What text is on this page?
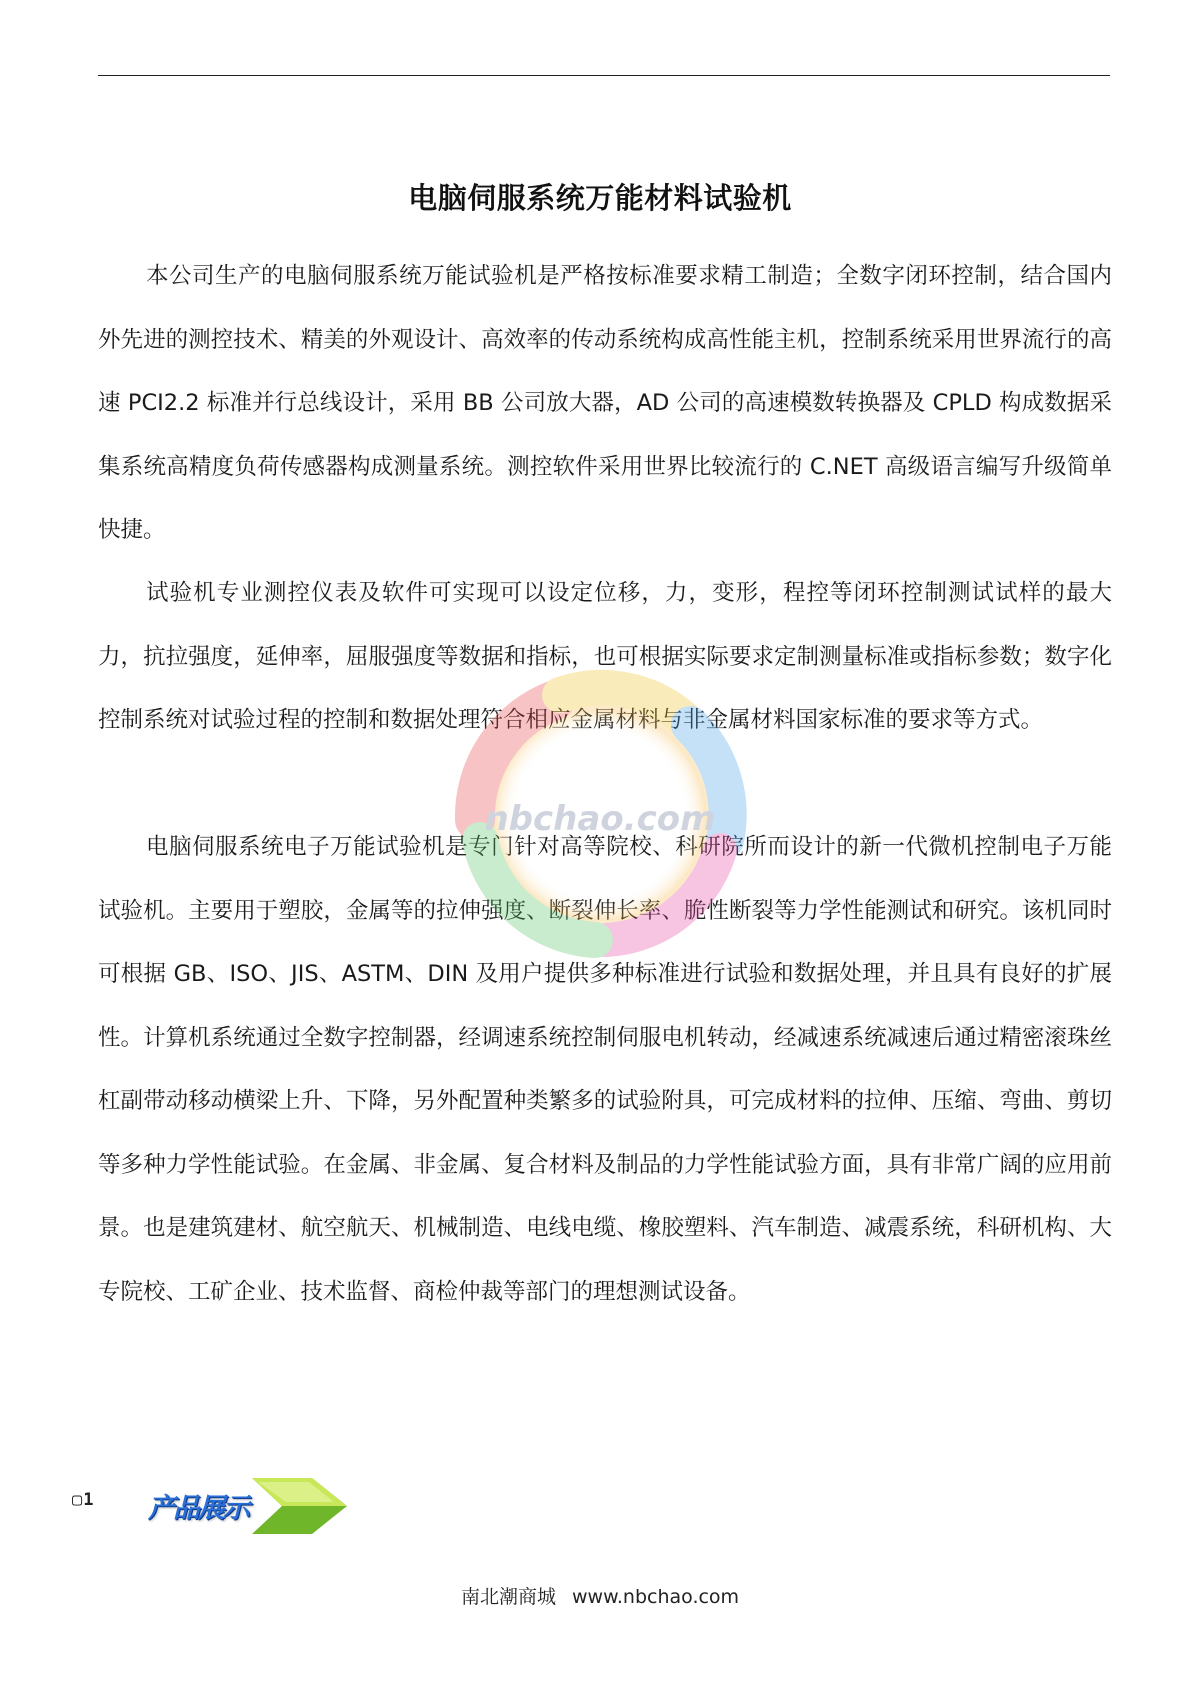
电脑伺服系统万能材料试验机

本公司生产的电脑伺服系统万能试验机是严格按标准要求精工制造；全数字闭环控制，结合国内外先进的测控技术、精美的外观设计、高效率的传动系统构成高性能主机，控制系统采用世界流行的高速 PCI2.2 标准并行总线设计，采用 BB 公司放大器，AD 公司的高速模数转换器及 CPLD 构成数据采集系统高精度负荷传感器构成测量系统。测控软件采用世界比较流行的 C.NET 高级语言编写升级简单快捷。

试验机专业测控仪表及软件可实现可以设定位移，力，变形，程控等闭环控制测试试样的最大力，抗拉强度，延伸率，屈服强度等数据和指标，也可根据实际要求定制测量标准或指标参数；数字化控制系统对试验过程的控制和数据处理符合相应金属材料与非金属材料国家标准的要求等方式。

电脑伺服系统电子万能试验机是专门针对高等院校、科研院所而设计的新一代微机控制电子万能试验机。主要用于塑胶，金属等的拉伸强度、断裂伸长率、脆性断裂等力学性能测试和研究。该机同时可根据 GB、ISO、JIS、ASTM、DIN 及用户提供多种标准进行试验和数据处理，并且具有良好的扩展性。计算机系统通过全数字控制器，经调速系统控制伺服电机转动，经减速系统减速后通过精密滚珠丝杠副带动移动横梁上升、下降，另外配置种类繁多的试验附具，可完成材料的拉伸、压缩、弯曲、剪切等多种力学性能试验。在金属、非金属、复合材料及制品的力学性能试验方面，具有非常广阔的应用前景。也是建筑建材、航空航天、机械制造、电线电缆、橡胶塑料、汽车制造、减震系统，科研机构、大专院校、工矿企业、技术监督、商检仲裁等部门的理想测试设备。

nbchao.com
▢1 产品展示
南北潮商城 www.nbchao.com
